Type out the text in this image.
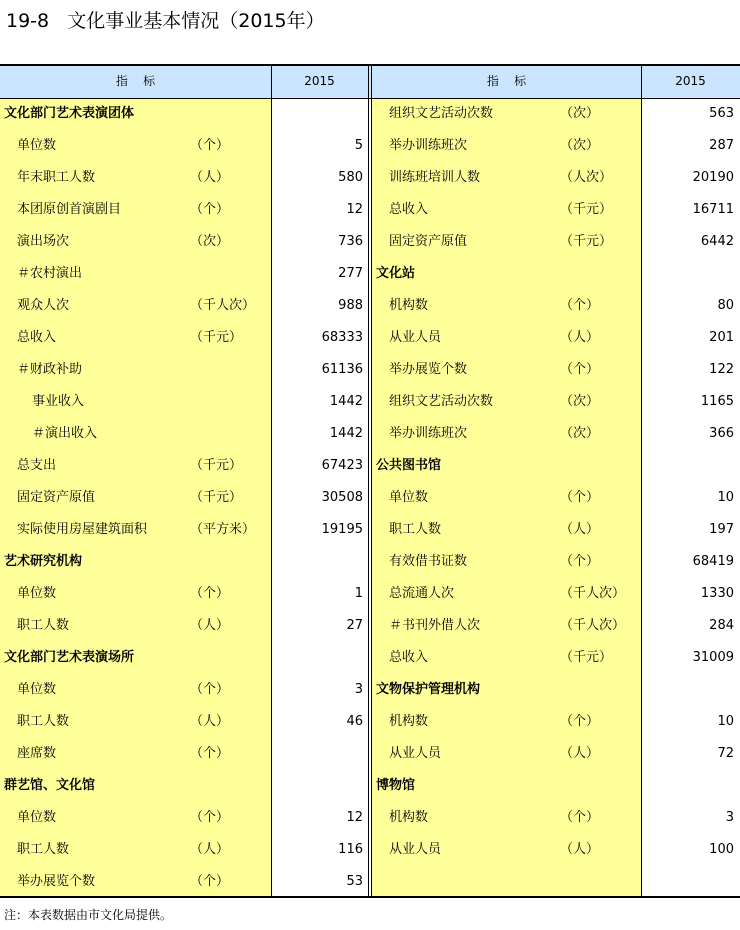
19-8   文化事业基本情况（2015年）
指    标	2015	指    标	2015
文化部门艺术表演团体
单位数	（个）	5
年末职工人数	（人）	580
本团原创首演剧目	（个）	12
演出场次	（次）	736
＃农村演出	277
观众人次	（千人次）	988
总收入	（千元）	68333
＃财政补助	61136
事业收入	1442
＃演出收入	1442
总支出	（千元）	67423
固定资产原值	（千元）	30508
实际使用房屋建筑面积	（平方米）	19195
艺术研究机构
单位数	（个）	1
职工人数	（人）	27
文化部门艺术表演场所
单位数	（个）	3
职工人数	（人）	46
座席数	（个）
群艺馆、文化馆
单位数	（个）	12
职工人数	（人）	116
举办展览个数	（个）	53
组织文艺活动次数	（次）	563
举办训练班次	（次）	287
训练班培训人数	（人次）	20190
总收入	（千元）	16711
固定资产原值	（千元）	6442
文化站
机构数	（个）	80
从业人员	（人）	201
举办展览个数	（个）	122
组织文艺活动次数	（次）	1165
举办训练班次	（次）	366
公共图书馆
单位数	（个）	10
职工人数	（人）	197
有效借书证数	（个）	68419
总流通人次	（千人次）	1330
＃书刊外借人次	（千人次）	284
总收入	（千元）	31009
文物保护管理机构
机构数	（个）	10
从业人员	（人）	72
博物馆
机构数	（个）	3
从业人员	（人）	100
注：本表数据由市文化局提供。
